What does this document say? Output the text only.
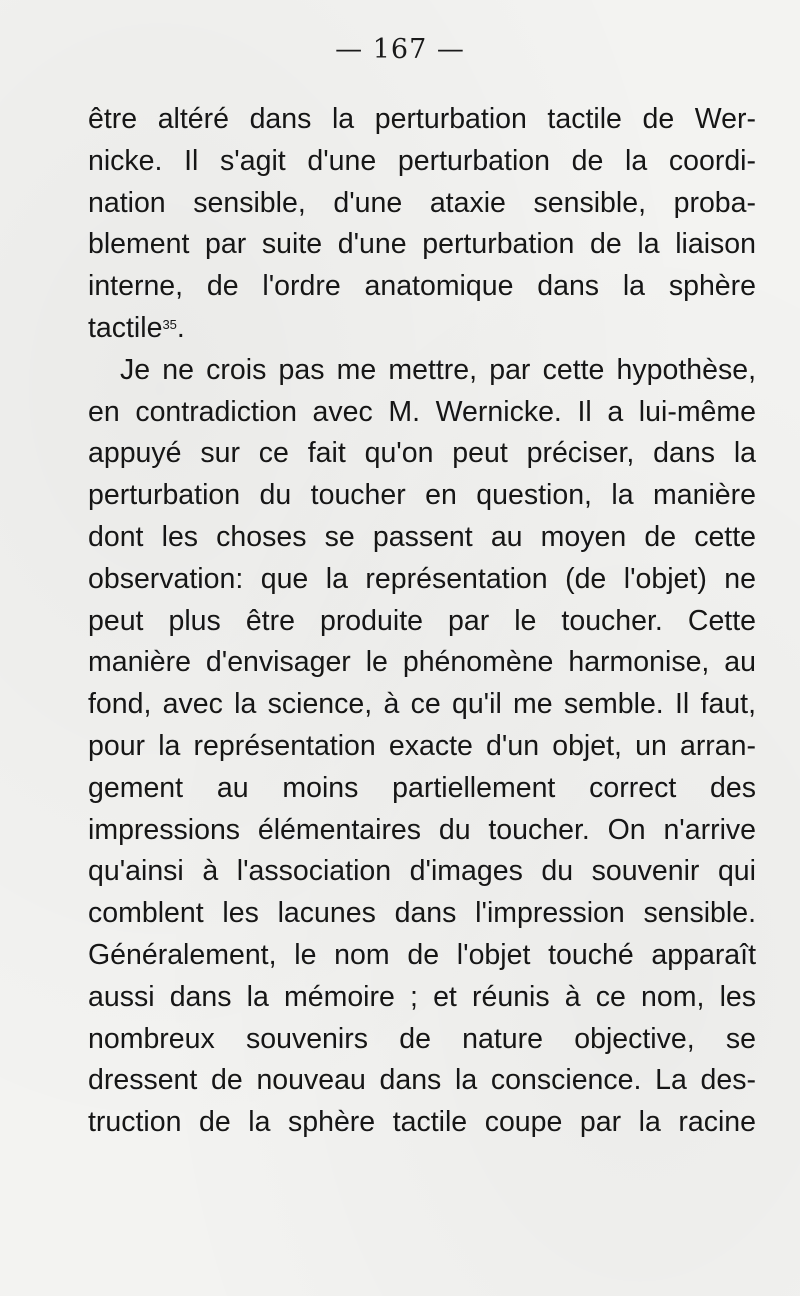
— 167 —
être altéré dans la perturbation tactile de Wer-
nicke. Il s'agit d'une perturbation de la coordi-
nation sensible, d'une ataxie sensible, proba-
blement par suite d'une perturbation de la liaison
interne, de l'ordre anatomique dans la sphère
tactile$^{35}$.
Je ne crois pas me mettre, par cette hypothèse,
en contradiction avec M. Wernicke. Il a lui-même
appuyé sur ce fait qu'on peut préciser, dans la
perturbation du toucher en question, la manière
dont les choses se passent au moyen de cette
observation: que la représentation (de l'objet) ne
peut plus être produite par le toucher. Cette
manière d'envisager le phénomène harmonise, au
fond, avec la science, à ce qu'il me semble. Il faut,
pour la représentation exacte d'un objet, un arran-
gement au moins partiellement correct des
impressions élémentaires du toucher. On n'arrive
qu'ainsi à l'association d'images du souvenir qui
comblent les lacunes dans l'impression sensible.
Généralement, le nom de l'objet touché apparaît
aussi dans la mémoire ; et réunis à ce nom, les
nombreux souvenirs de nature objective, se
dressent de nouveau dans la conscience. La des-
truction de la sphère tactile coupe par la racine
